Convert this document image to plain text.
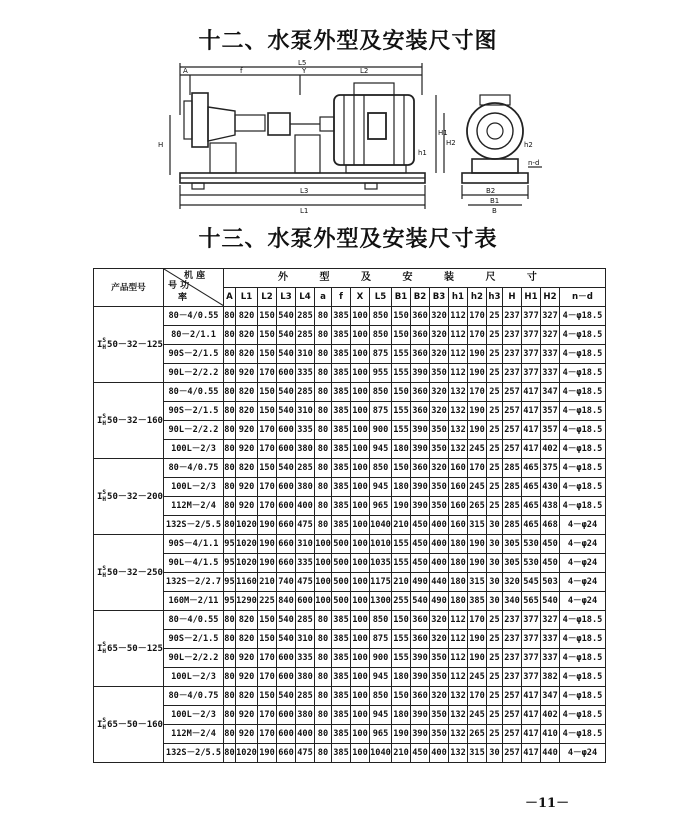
十二、水泵外型及安装尺寸图
L5
A	f	Y	L2
L3
L1
H
H1
H2
h1
h2
B2
B1
n-d
B
十三、水泵外型及安装尺寸表
产品型号	机 座
号 功
率	外 型 及 安 装 尺 寸																		
		A	L1	L2	L3	L4	a	f	X	L5	B1	B2	B3	h1	h2	h3	H	H1	H2	n－d
IS
H50－32－125	80－4/0.55	80	820	150	540	285	80	385	100	850	150	360	320	112	170	25	237	377	327	4－φ18.5
	80－2/1.1	80	820	150	540	285	80	385	100	850	150	360	320	112	170	25	237	377	327	4－φ18.5
	90S－2/1.5	80	820	150	540	310	80	385	100	875	155	360	320	112	190	25	237	377	337	4－φ18.5
	90L－2/2.2	80	920	170	600	335	80	385	100	955	155	390	350	112	190	25	237	377	337	4－φ18.5
IS
H50－32－160	80－4/0.55	80	820	150	540	285	80	385	100	850	150	360	320	132	170	25	257	417	347	4－φ18.5
	90S－2/1.5	80	820	150	540	310	80	385	100	875	155	360	320	132	190	25	257	417	357	4－φ18.5
	90L－2/2.2	80	920	170	600	335	80	385	100	900	155	390	350	132	190	25	257	417	357	4－φ18.5
	100L－2/3	80	920	170	600	380	80	385	100	945	180	390	350	132	245	25	257	417	402	4－φ18.5
IS
H50－32－200	80－4/0.75	80	820	150	540	285	80	385	100	850	150	360	320	160	170	25	285	465	375	4－φ18.5
	100L－2/3	80	920	170	600	380	80	385	100	945	180	390	350	160	245	25	285	465	430	4－φ18.5
	112M－2/4	80	920	170	600	400	80	385	100	965	190	390	350	160	265	25	285	465	438	4－φ18.5
	132S－2/5.5	80	1020	190	660	475	80	385	100	1040	210	450	400	160	315	30	285	465	468	4－φ24
IS
H50－32－250	90S－4/1.1	95	1020	190	660	310	100	500	100	1010	155	450	400	180	190	30	305	530	450	4－φ24
	90L－4/1.5	95	1020	190	660	335	100	500	100	1035	155	450	400	180	190	30	305	530	450	4－φ24
	132S－2/2.7	95	1160	210	740	475	100	500	100	1175	210	490	440	180	315	30	320	545	503	4－φ24
	160M－2/11	95	1290	225	840	600	100	500	100	1300	255	540	490	180	385	30	340	565	540	4－φ24
IS
H65－50－125	80－4/0.55	80	820	150	540	285	80	385	100	850	150	360	320	112	170	25	237	377	327	4－φ18.5
	90S－2/1.5	80	820	150	540	310	80	385	100	875	155	360	320	112	190	25	237	377	337	4－φ18.5
	90L－2/2.2	80	920	170	600	335	80	385	100	900	155	390	350	112	190	25	237	377	337	4－φ18.5
	100L－2/3	80	920	170	600	380	80	385	100	945	180	390	350	112	245	25	237	377	382	4－φ18.5
IS
H65－50－160	80－4/0.75	80	820	150	540	285	80	385	100	850	150	360	320	132	170	25	257	417	347	4－φ18.5
	100L－2/3	80	920	170	600	380	80	385	100	945	180	390	350	132	245	25	257	417	402	4－φ18.5
	112M－2/4	80	920	170	600	400	80	385	100	965	190	390	350	132	265	25	257	417	410	4－φ18.5
	132S－2/5.5	80	1020	190	660	475	80	385	100	1040	210	450	400	132	315	30	257	417	440	4－φ24
－11－
